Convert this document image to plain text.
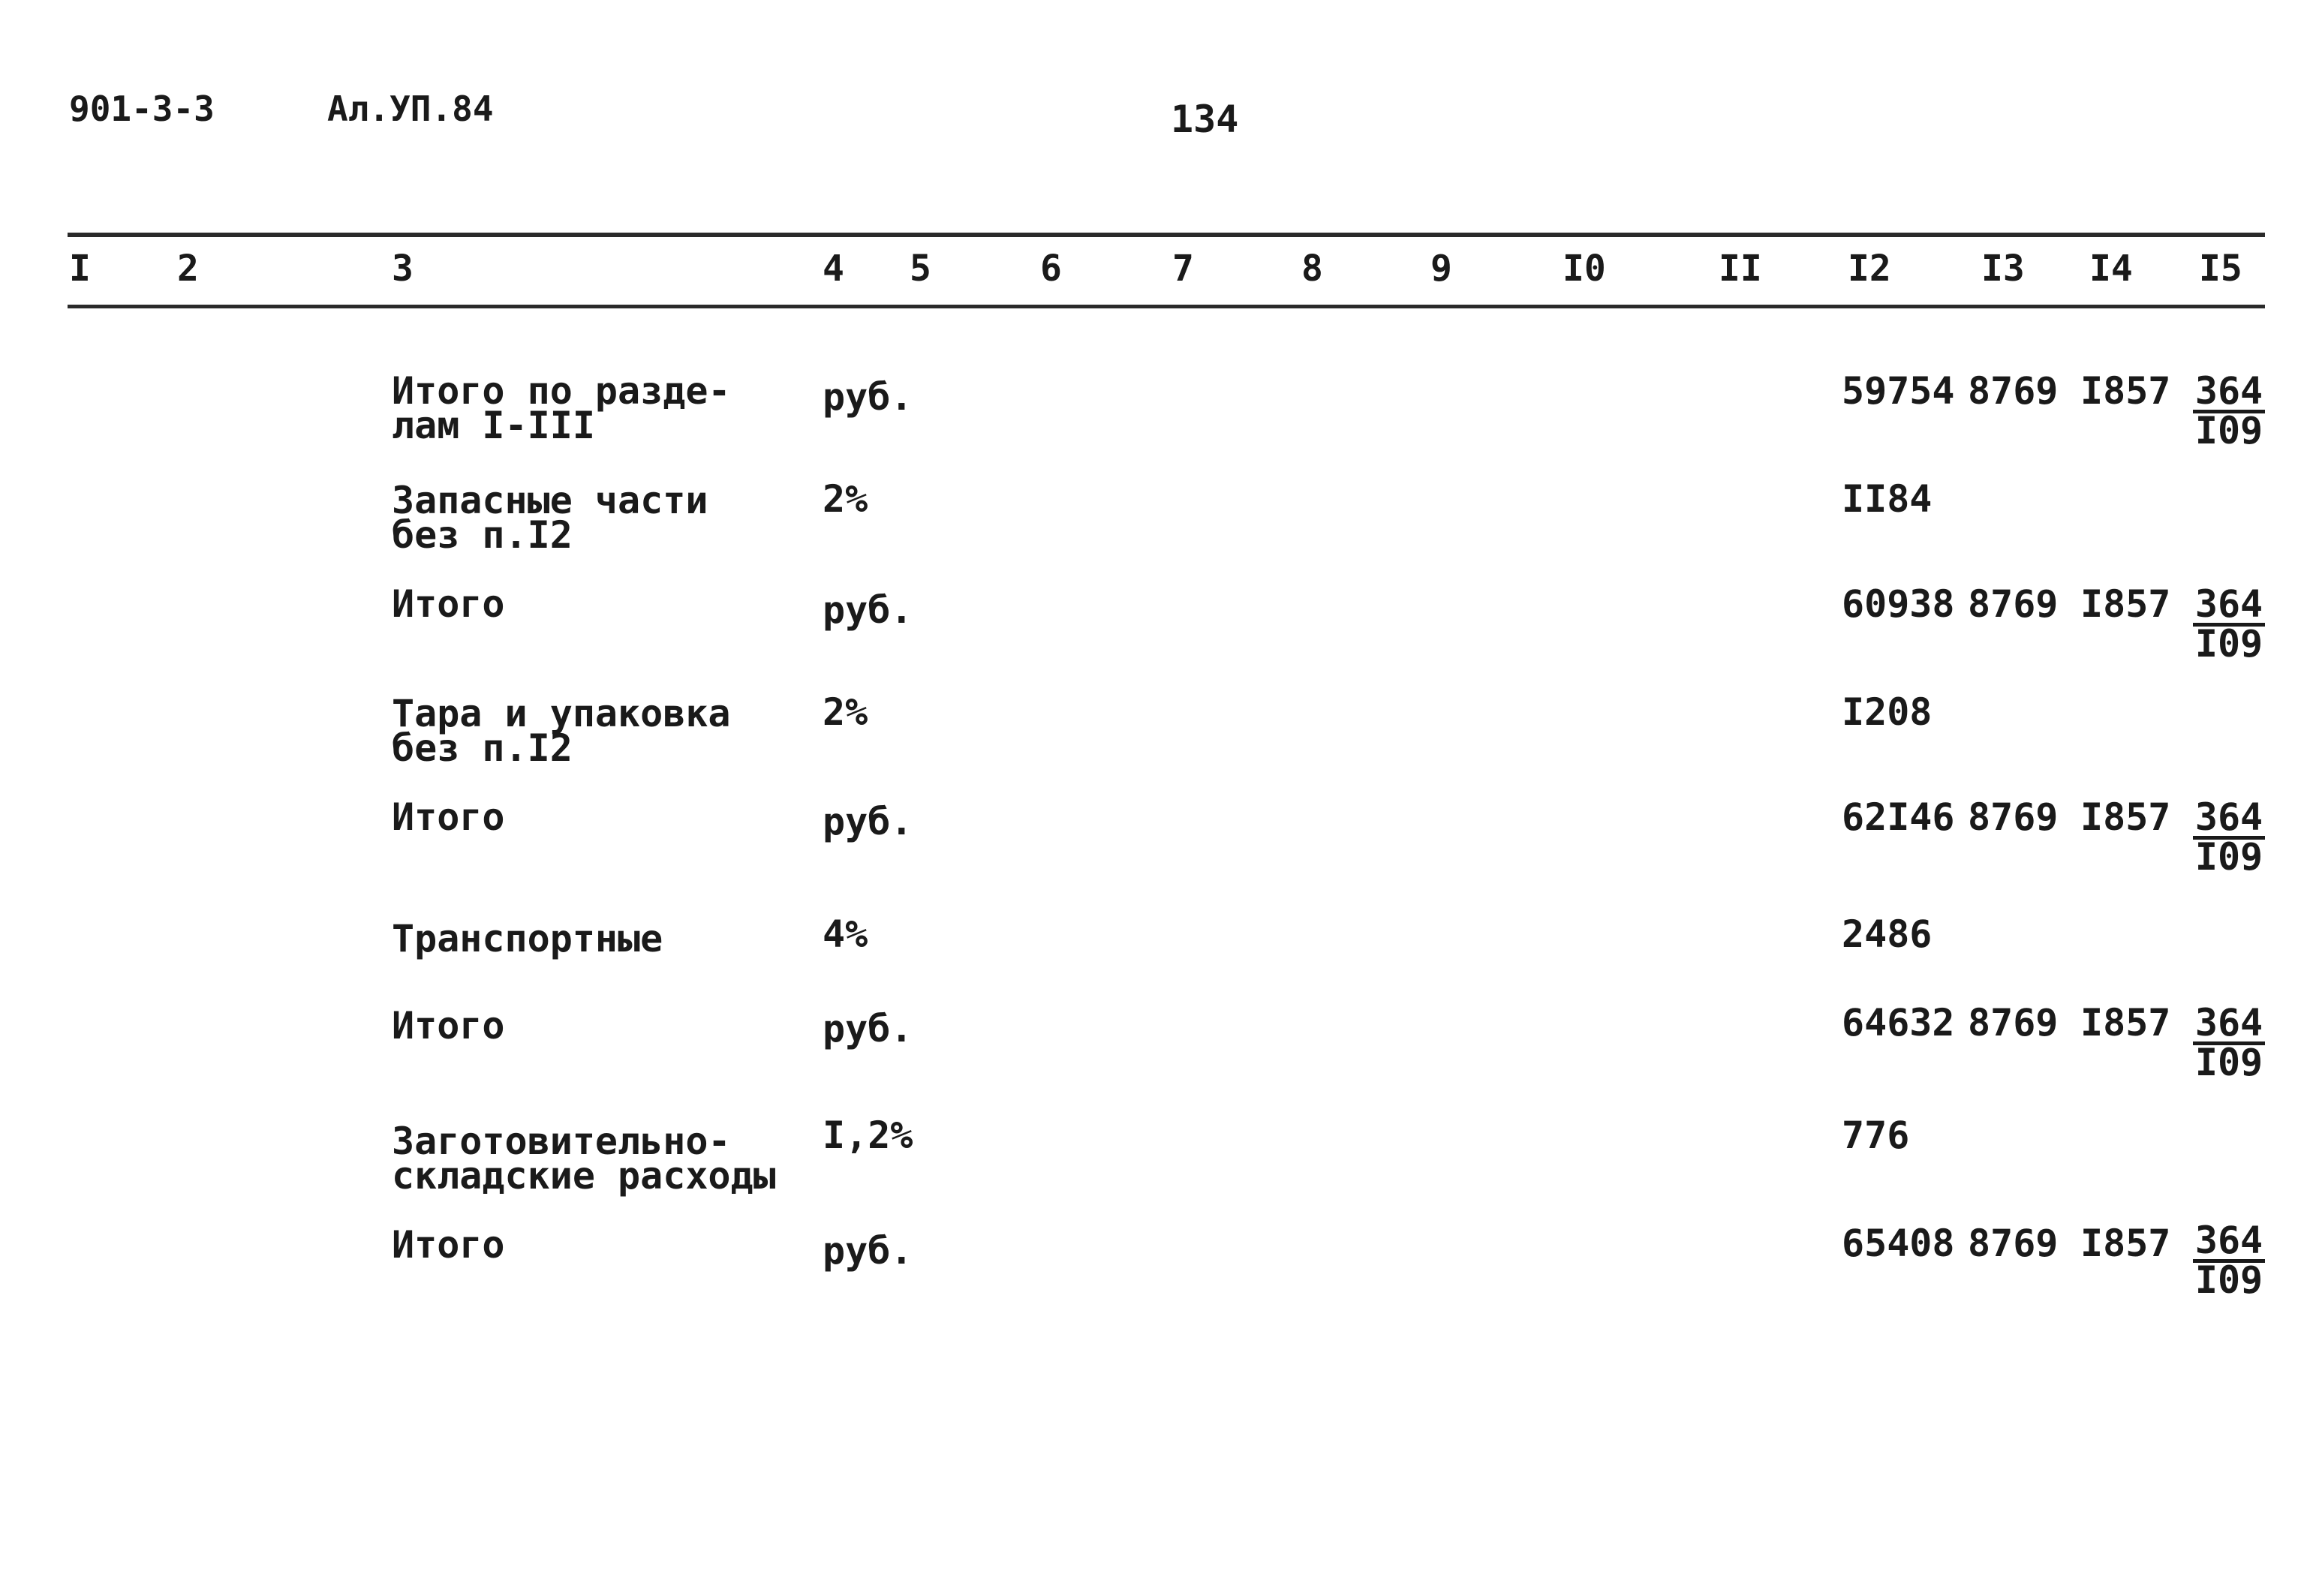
901-3-3	Ал.УП.84	134
I 2	3	4 5	6	7	8	9	I0	II I2	I3 I4 I5
Итого по разде-
лам I-III
руб.	59754 8769 $I857 \frac{364}{I09}$
Запасные части
без п.I2
2%	II84
Итого	руб.	60938 8769 $I857 \frac{364}{I09}$
Тара и упаковка
без п.I2
2%	I208
Итого	руб.	62I46 8769 $I857 \frac{364}{I09}$
Транспортные	4%	2486
Итого	руб.	64632 8769 $I857 \frac{364}{I09}$
Заготовительно-
складские расходы
I,2%	776
Итого	руб.	65408 8769 $I857 \frac{364}{I09}$
